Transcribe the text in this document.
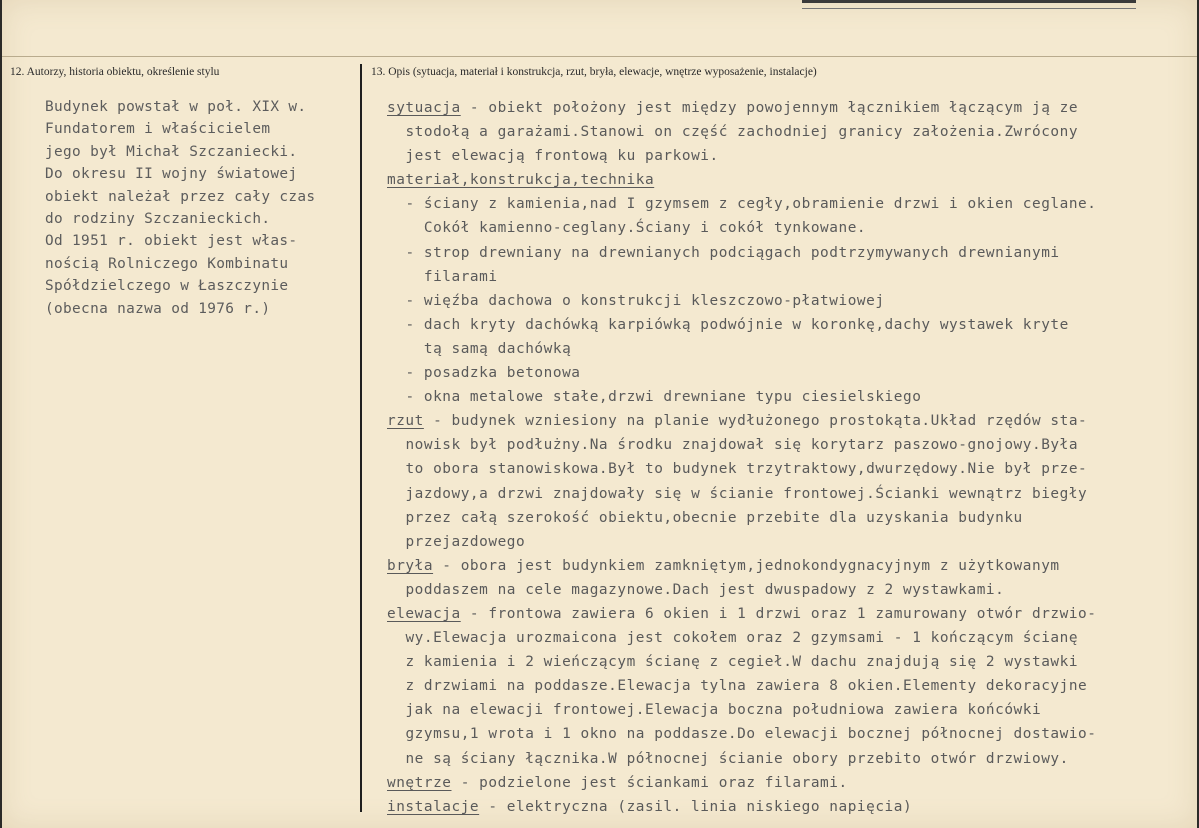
12. Autorzy, historia obiektu, określenie stylu	13. Opis (sytuacja, materiał i konstrukcja, rzut, bryła, elewacje, wnętrze wyposażenie, instalacje)
Budynek powstał w poł. XIX w.
Fundatorem i właścicielem
jego był Michał Szczaniecki.
Do okresu II wojny światowej
obiekt należał przez cały czas
do rodziny Szczanieckich.
Od 1951 r. obiekt jest włas-
nością Rolniczego Kombinatu
Spółdzielczego w Łaszczynie
(obecna nazwa od 1976 r.)
sytuacja - obiekt położony jest między powojennym łącznikiem łączącym ją ze
stodołą a garażami.Stanowi on część zachodniej granicy założenia.Zwrócony
jest elewacją frontową ku parkowi.
materiał,konstrukcja,technika
- ściany z kamienia,nad I gzymsem z cegły,obramienie drzwi i okien ceglane.
Cokół kamienno-ceglany.Ściany i cokół tynkowane.
- strop drewniany na drewnianych podciągach podtrzymywanych drewnianymi
filarami
- więźba dachowa o konstrukcji kleszczowo-płatwiowej
- dach kryty dachówką karpiówką podwójnie w koronkę,dachy wystawek kryte
tą samą dachówką
- posadzka betonowa
- okna metalowe stałe,drzwi drewniane typu ciesielskiego
rzut - budynek wzniesiony na planie wydłużonego prostokąta.Układ rzędów sta-
nowisk był podłużny.Na środku znajdował się korytarz paszowo-gnojowy.Była
to obora stanowiskowa.Był to budynek trzytraktowy,dwurzędowy.Nie był prze-
jazdowy,a drzwi znajdowały się w ścianie frontowej.Ścianki wewnątrz biegły
przez całą szerokość obiektu,obecnie przebite dla uzyskania budynku
przejazdowego
bryła - obora jest budynkiem zamkniętym,jednokondygnacyjnym z użytkowanym
poddaszem na cele magazynowe.Dach jest dwuspadowy z 2 wystawkami.
elewacja - frontowa zawiera 6 okien i 1 drzwi oraz 1 zamurowany otwór drzwio-
wy.Elewacja urozmaicona jest cokołem oraz 2 gzymsami - 1 kończącym ścianę
z kamienia i 2 wieńczącym ścianę z cegieł.W dachu znajdują się 2 wystawki
z drzwiami na poddasze.Elewacja tylna zawiera 8 okien.Elementy dekoracyjne
jak na elewacji frontowej.Elewacja boczna południowa zawiera końcówki
gzymsu,1 wrota i 1 okno na poddasze.Do elewacji bocznej północnej dostawio-
ne są ściany łącznika.W północnej ścianie obory przebito otwór drzwiowy.
wnętrze - podzielone jest ściankami oraz filarami.
instalacje - elektryczna (zasil. linia niskiego napięcia)
